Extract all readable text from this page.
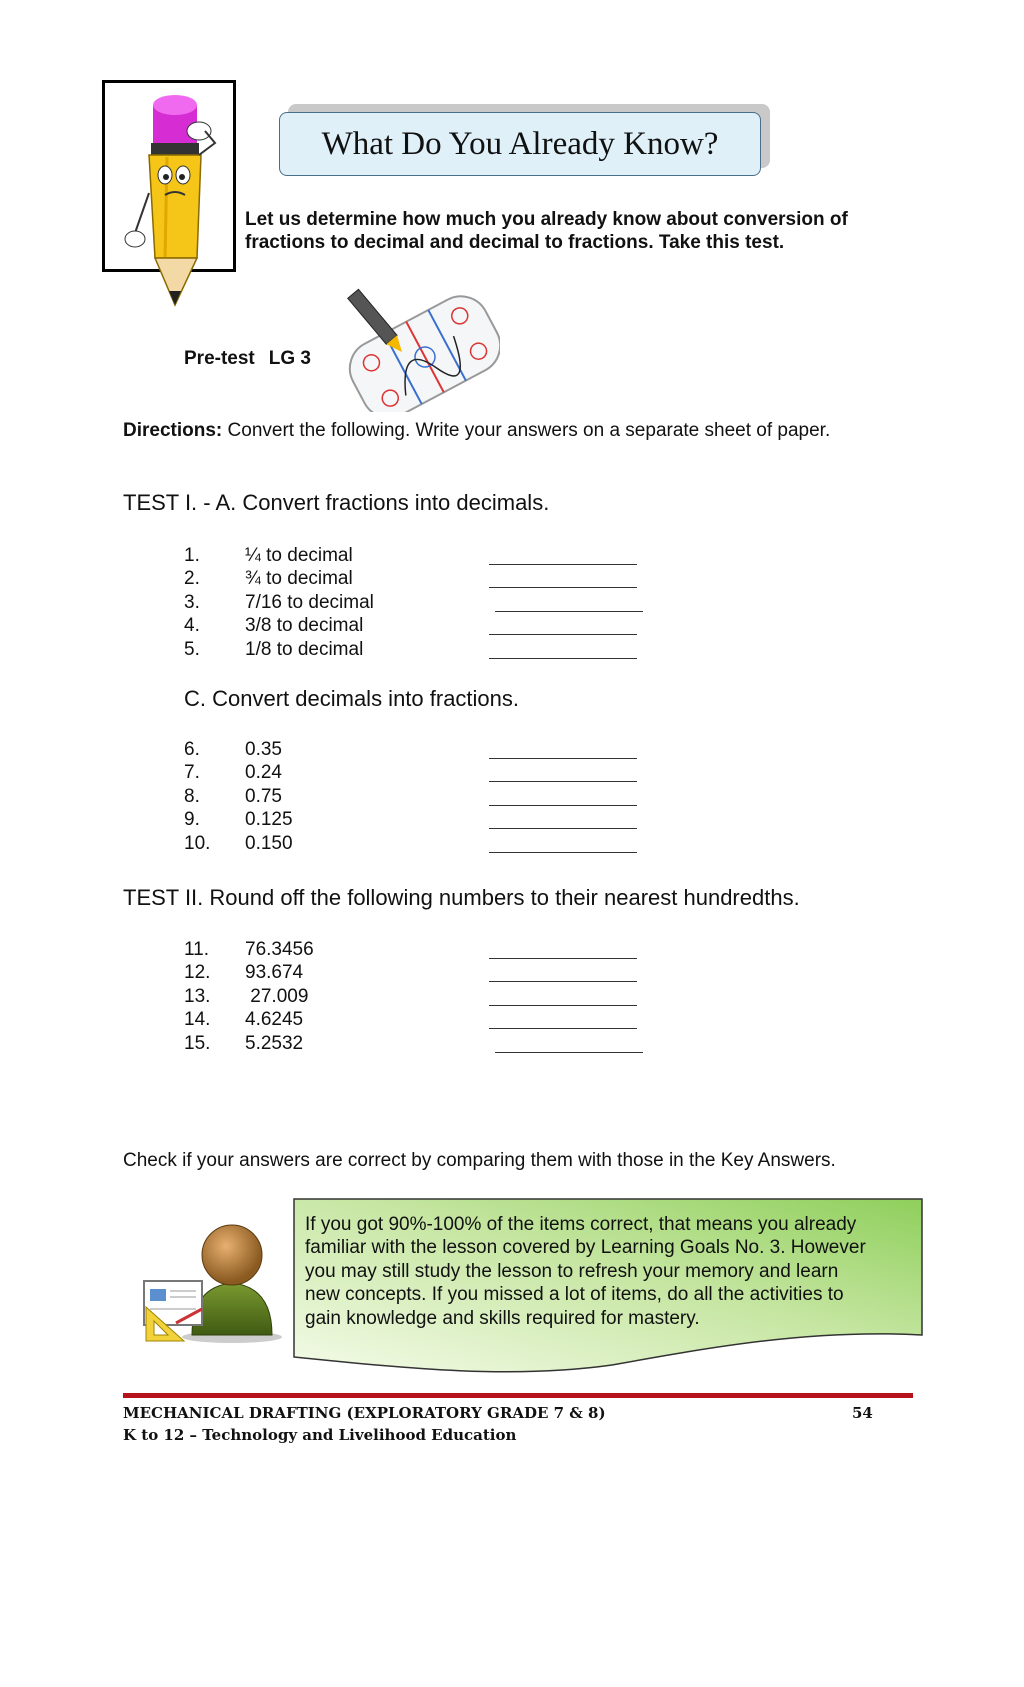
What Do You Already Know?
Let us determine how much you already know about conversion of
fractions to decimal and decimal to fractions. Take this test.
Pre-test LG 3
Directions: Convert the following. Write your answers on a separate sheet of paper.
TEST I. - A. Convert fractions into decimals.
1. ¼ to decimal
2. ¾ to decimal
3. 7/16 to decimal
4. 3/8 to decimal
5. 1/8 to decimal
C. Convert decimals into fractions.
6. 0.35
7. 0.24
8. 0.75
9. 0.125
10. 0.150
TEST II. Round off the following numbers to their nearest hundredths.
11. 76.3456
12. 93.674
13. 27.009
14. 4.6245
15. 5.2532
Check if your answers are correct by comparing them with those in the Key Answers.
If you got 90%-100% of the items correct, that means you already
familiar with the lesson covered by Learning Goals No. 3. However
you may still study the lesson to refresh your memory and learn
new concepts. If you missed a lot of items, do all the activities to
gain knowledge and skills required for mastery.
MECHANICAL DRAFTING (EXPLORATORY GRADE 7 & 8)
K to 12 – Technology and Livelihood Education
54
